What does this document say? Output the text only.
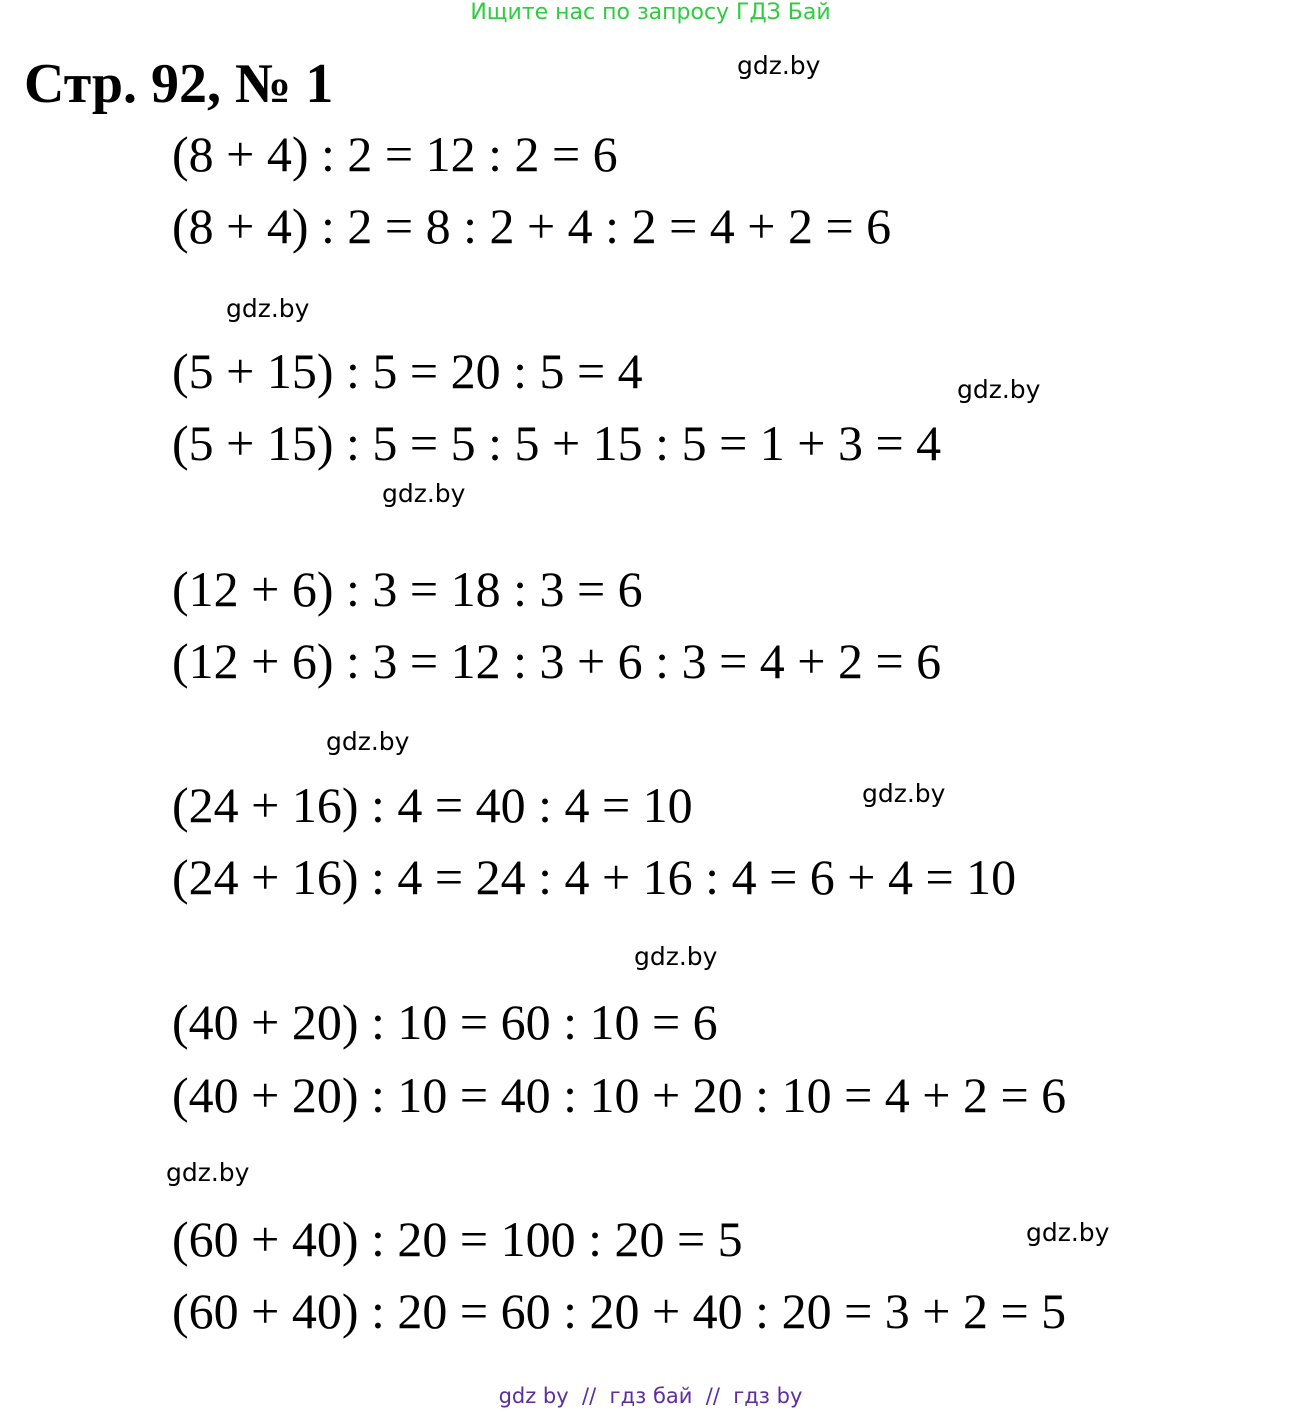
Ищите нас по запросу ГДЗ Бай
Стр. 92, № 1
(8 + 4) : 2 = 12 : 2 = 6
(8 + 4) : 2 = 8 : 2 + 4 : 2 = 4 + 2 = 6
(5 + 15) : 5 = 20 : 5 = 4
(5 + 15) : 5 = 5 : 5 + 15 : 5 = 1 + 3 = 4
(12 + 6) : 3 = 18 : 3 = 6
(12 + 6) : 3 = 12 : 3 + 6 : 3 = 4 + 2 = 6
(24 + 16) : 4 = 40 : 4 = 10
(24 + 16) : 4 = 24 : 4 + 16 : 4 = 6 + 4 = 10
(40 + 20) : 10 = 60 : 10 = 6
(40 + 20) : 10 = 40 : 10 + 20 : 10 = 4 + 2 = 6
(60 + 40) : 20 = 100 : 20 = 5
(60 + 40) : 20 = 60 : 20 + 40 : 20 = 3 + 2 = 5
gdz.by
gdz.by
gdz.by
gdz.by
gdz.by
gdz.by
gdz.by
gdz.by
gdz.by
gdz by  //  гдз бай  //  гдз by
